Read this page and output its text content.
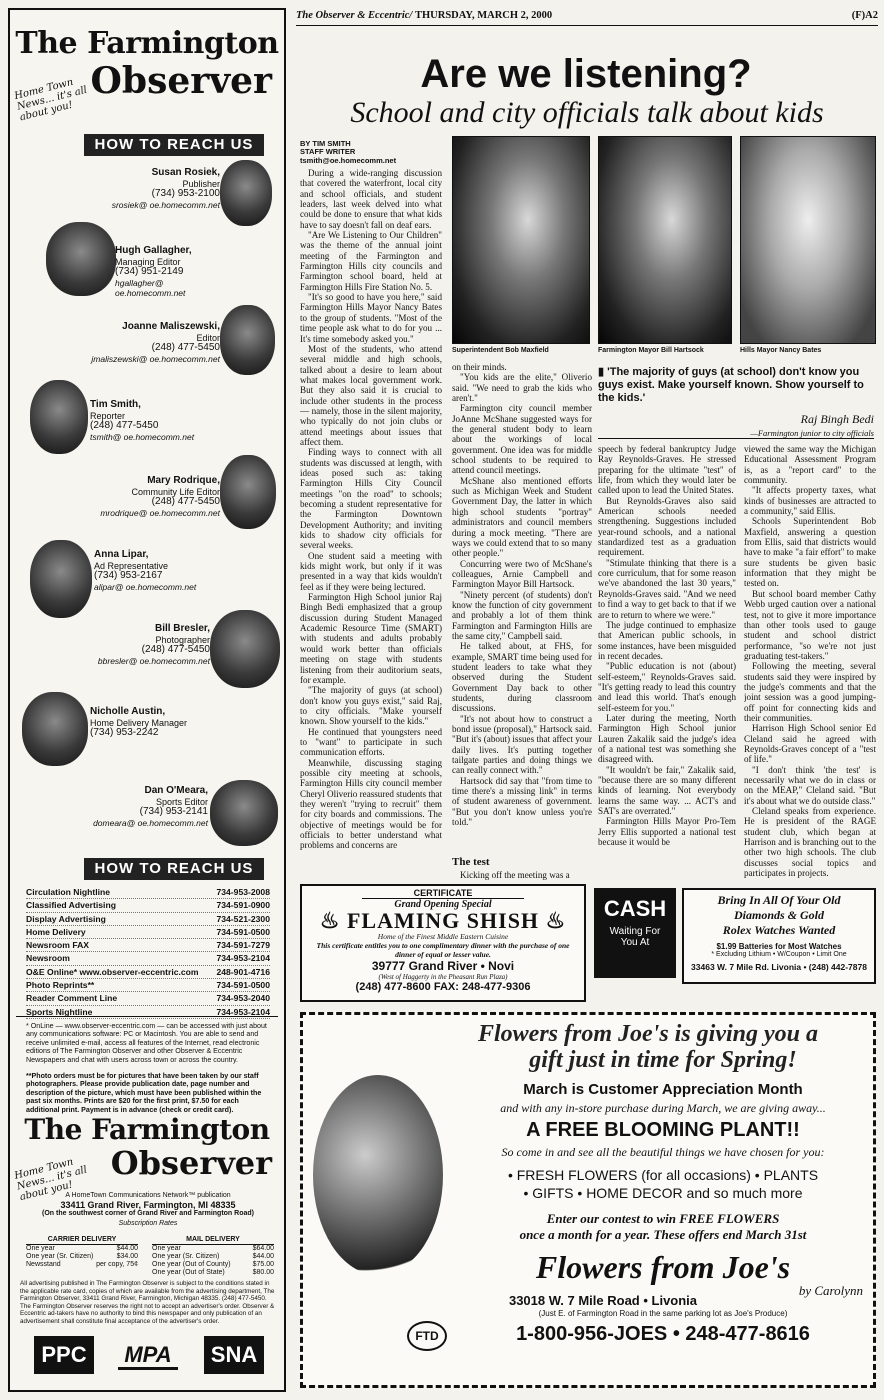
The Farmington
Observer
Home Town News... it's all about you!
HOW TO REACH US
Susan Rosiek,
Publisher
(734) 953-2100
srosiek@ oe.homecomm.net
Hugh Gallagher,
Managing Editor
(734) 951-2149
hgallagher@ oe.homecomm.net
Joanne Maliszewski,
Editor
(248) 477-5450
jmaliszewski@ oe.homecomm.net
Tim Smith,
Reporter
(248) 477-5450
tsmith@ oe.homecomm.net
Mary Rodrique,
Community Life Editor
(248) 477-5450
mrodrique@ oe.homecomm.net
Anna Lipar,
Ad Representative
(734) 953-2167
alipar@ oe.homecomm.net
Bill Bresler,
Photographer
(248) 477-5450
bbresler@ oe.homecomm.net
Nicholle Austin,
Home Delivery Manager
(734) 953-2242
Dan O'Meara,
Sports Editor
(734) 953-2141
domeara@ oe.homecomm.net
HOW TO REACH US
Circulation Nightline	734-953-2008
Classified Advertising	734-591-0900
Display Advertising	734-521-2300
Home Delivery	734-591-0500
Newsroom FAX	734-591-7279
Newsroom	734-953-2104
O&E Online* www.observer-eccentric.com 248-901-4716
Photo Reprints**	734-591-0500
Reader Comment Line	734-953-2040
Sports Nightline	734-953-2104
* OnLine — www.observer-eccentric.com — can be accessed with just about any communications software: PC or Macintosh. You are able to send and receive unlimited e-mail, access all features of the Internet, read electronic editions of The Farmington Observer and other Observer & Eccentric Newspapers and chat with users across town or across the country.
**Photo orders must be for pictures that have been taken by our staff photographers. Please provide publication date, page number and description of the picture, which must have been published within the past six months. Prints are $20 for the first print, $7.50 for each additional print. Payment is in advance (check or credit card).
The Farmington
Observer
Home Town News... it's all about you!
A HomeTown Communications Network™ publication
33411 Grand River, Farmington, MI 48335
(On the southwest corner of Grand River and Farmington Road)
Subscription Rates
CARRIER DELIVERY
One year	$44.00
One year (Sr. Citizen)	$34.00
Newsstand	per copy, 75¢
MAIL DELIVERY
One year	$64.00
One year (Sr. Citizen)	$44.00
One year (Out of County)	$75.00
One year (Out of State)	$80.00
All advertising published in The Farmington Observer is subject to the conditions stated in the applicable rate card, copies of which are available from the advertising department, The Farmington Observer, 33411 Grand River, Farmington, Michigan 48335. (248) 477-5450. The Farmington Observer reserves the right not to accept an advertiser's order. Observer & Eccentric ad-takers have no authority to bind this newspaper and only publication of an advertisement shall constitute final acceptance of the advertiser's order.
PPC	MPA	SNA
The Observer & Eccentric/ THURSDAY, MARCH 2, 2000	(F)A2
Are we listening?
School and city officials talk about kids
BY TIM SMITH
STAFF WRITER
tsmith@oe.homecomm.net

During a wide-ranging discussion that covered the waterfront, local city and school officials, and student leaders, last week delved into what could be done to ensure that what kids have to say doesn't fall on deaf ears.

"Are We Listening to Our Children" was the theme of the annual joint meeting of the Farmington and Farmington Hills city councils and Farmington school board, held at Farmington Hills Fire Station No. 5.

"It's so good to have you here," said Farmington Hills Mayor Nancy Bates to the group of students. "Most of the time people ask what to do for you ... It's time somebody asked you."

Most of the students, who attend several middle and high schools, talked about a desire to learn about what makes local government work. But they also said it is crucial to include other students in the process — namely, those in the silent majority, who typically do not join clubs or attend meetings about issues that affect them.

Finding ways to connect with all students was discussed at length, with ideas posed such as: taking Farmington Hills City Council meetings "on the road" to schools; becoming a student representative for the Farmington Downtown Development Authority; and inviting kids to shadow city officials for several weeks.

One student said a meeting with kids might work, but only if it was presented in a way that kids wouldn't feel as if they were being lectured.

Farmington High School junior Raj Bingh Bedi emphasized that a group discussion during Student Managed Academic Resource Time (SMART) with students and adults probably would work better than officials meeting on stage with students listening from their auditorium seats, for example.

"The majority of guys (at school) don't know you guys exist," said Raj, to city officials. "Make yourself known. Show yourself to the kids."

He continued that youngsters need to "want" to participate in such communication efforts.

Meanwhile, discussing staging possible city meeting at schools, Farmington Hills city council member Cheryl Oliverio reassured students that they weren't "trying to recruit" them for city boards and commissions. The objective of meetings would be for officials to better understand what problems and concerns are

Superintendent Bob Maxfield	Farmington Mayor Bill Hartsock	Hills Mayor Nancy Bates

on their minds.

"You kids are the elite," Oliverio said. "We need to grab the kids who aren't."

Farmington city council member JoAnne McShane suggested ways for the general student body to learn about the workings of local government. One idea was for middle school students to be required to attend council meetings.

McShane also mentioned efforts such as Michigan Week and Student Government Day, the latter in which high school students "portray" administrators and council members during a mock meeting. "There are ways we could extend that to so many other people."

Concurring were two of McShane's colleagues, Arnie Campbell and Farmington Mayor Bill Hartsock.

"Ninety percent (of students) don't know the function of city government and probably a lot of them think Farmington and Farmington Hills are the same city," Campbell said.

He talked about, at FHS, for example, SMART time being used for student leaders to take what they observed during the Student Government Day back to other students, during classroom discussions.

"It's not about how to construct a bond issue (proposal)," Hartsock said. "But it's (about) issues that affect your daily lives. It's putting together tailgate parties and doing things we can really connect with."

Hartsock did say that "from time to time there's a missing link" in terms of student awareness of government. "But you don't know unless you're told."

The test

Kicking off the meeting was a

▮ 'The majority of guys (at school) don't know you guys exist. Make yourself known. Show yourself to the kids.'
Raj Bingh Bedi
—Farmington junior to city officials

speech by federal bankruptcy Judge Ray Reynolds-Graves. He stressed preparing for the ultimate "test" of life, from which they would later be called upon to lead the United States.

But Reynolds-Graves also said American schools needed strengthening. Suggestions included year-round schools, and a national standardized test as a graduation requirement.

"Stimulate thinking that there is a core curriculum, that for some reason we've abandoned the last 30 years," Reynolds-Graves said. "And we need to find a way to get back to that if we are to return to where we were."

The judge continued to emphasize that American public schools, in some instances, have been misguided in recent decades.

"Public education is not (about) self-esteem," Reynolds-Graves said. "It's getting ready to lead this country and lead this world. That's enough self-esteem for you."

Later during the meeting, North Farmington High School junior Lauren Zakalik said the judge's idea of a national test was something she disagreed with.

"It wouldn't be fair," Zakalik said, "because there are so many different kinds of learning. Not everybody learns the same way. ... ACT's and SAT's are overrated."

Farmington Hills Mayor Pro-Tem Jerry Ellis supported a national test because it would be

viewed the same way the Michigan Educational Assessment Program is, as a "report card" to the community.

"It affects property taxes, what kinds of businesses are attracted to a community," said Ellis.

Schools Superintendent Bob Maxfield, answering a question from Ellis, said that districts would have to make "a fair effort" to make sure students be given basic information that they might be tested on.

But school board member Cathy Webb urged caution over a national test, not to give it more importance than other tools used to gauge student and school district performance, "so we're not just graduating test-takers."

Following the meeting, several students said they were inspired by the judge's comments and that the joint session was a good jumping-off point for connecting kids and their communities.

Harrison High School senior Ed Cleland said he agreed with Reynolds-Graves concept of a "test of life."

"I don't think 'the test' is necessarily what we do in class or on the MEAP," Cleland said. "But it's about what we do outside class."

Cleland speaks from experience. He is president of the RAGE student club, which began at Harrison and is branching out to the other two high schools. The club discusses social topics and participates in projects.

CERTIFICATE
Grand Opening Special
♨ FLAMING SHISH ♨
Home of the Finest Middle Eastern Cuisine
This certificate entitles you to one complimentary dinner with the purchase of one dinner of equal or lesser value.
39777 Grand River • Novi
(West of Haggerty in the Pheasant Run Plaza)
(248) 477-8600 FAX: 248-477-9306
CASH
Waiting For
You At
Bring In All Of Your Old
Diamonds & Gold
Rolex Watches Wanted
$1.99 Batteries for Most Watches
* Excluding Lithium • W/Coupon • Limit One
33463 W. 7 Mile Rd. Livonia • (248) 442-7878
Flowers from Joe's is giving you a
gift just in time for Spring!
March is Customer Appreciation Month
and with any in-store purchase during March, we are giving away...
A FREE BLOOMING PLANT!!
So come in and see all the beautiful things we have chosen for you:
• FRESH FLOWERS (for all occasions) • PLANTS
• GIFTS • HOME DECOR and so much more
Enter our contest to win FREE FLOWERS
once a month for a year. These offers end March 31st
Flowers from Joe's
by Carolynn
33018 W. 7 Mile Road • Livonia
(Just E. of Farmington Road in the same parking lot as Joe's Produce)
FTD	1-800-956-JOES • 248-477-8616
